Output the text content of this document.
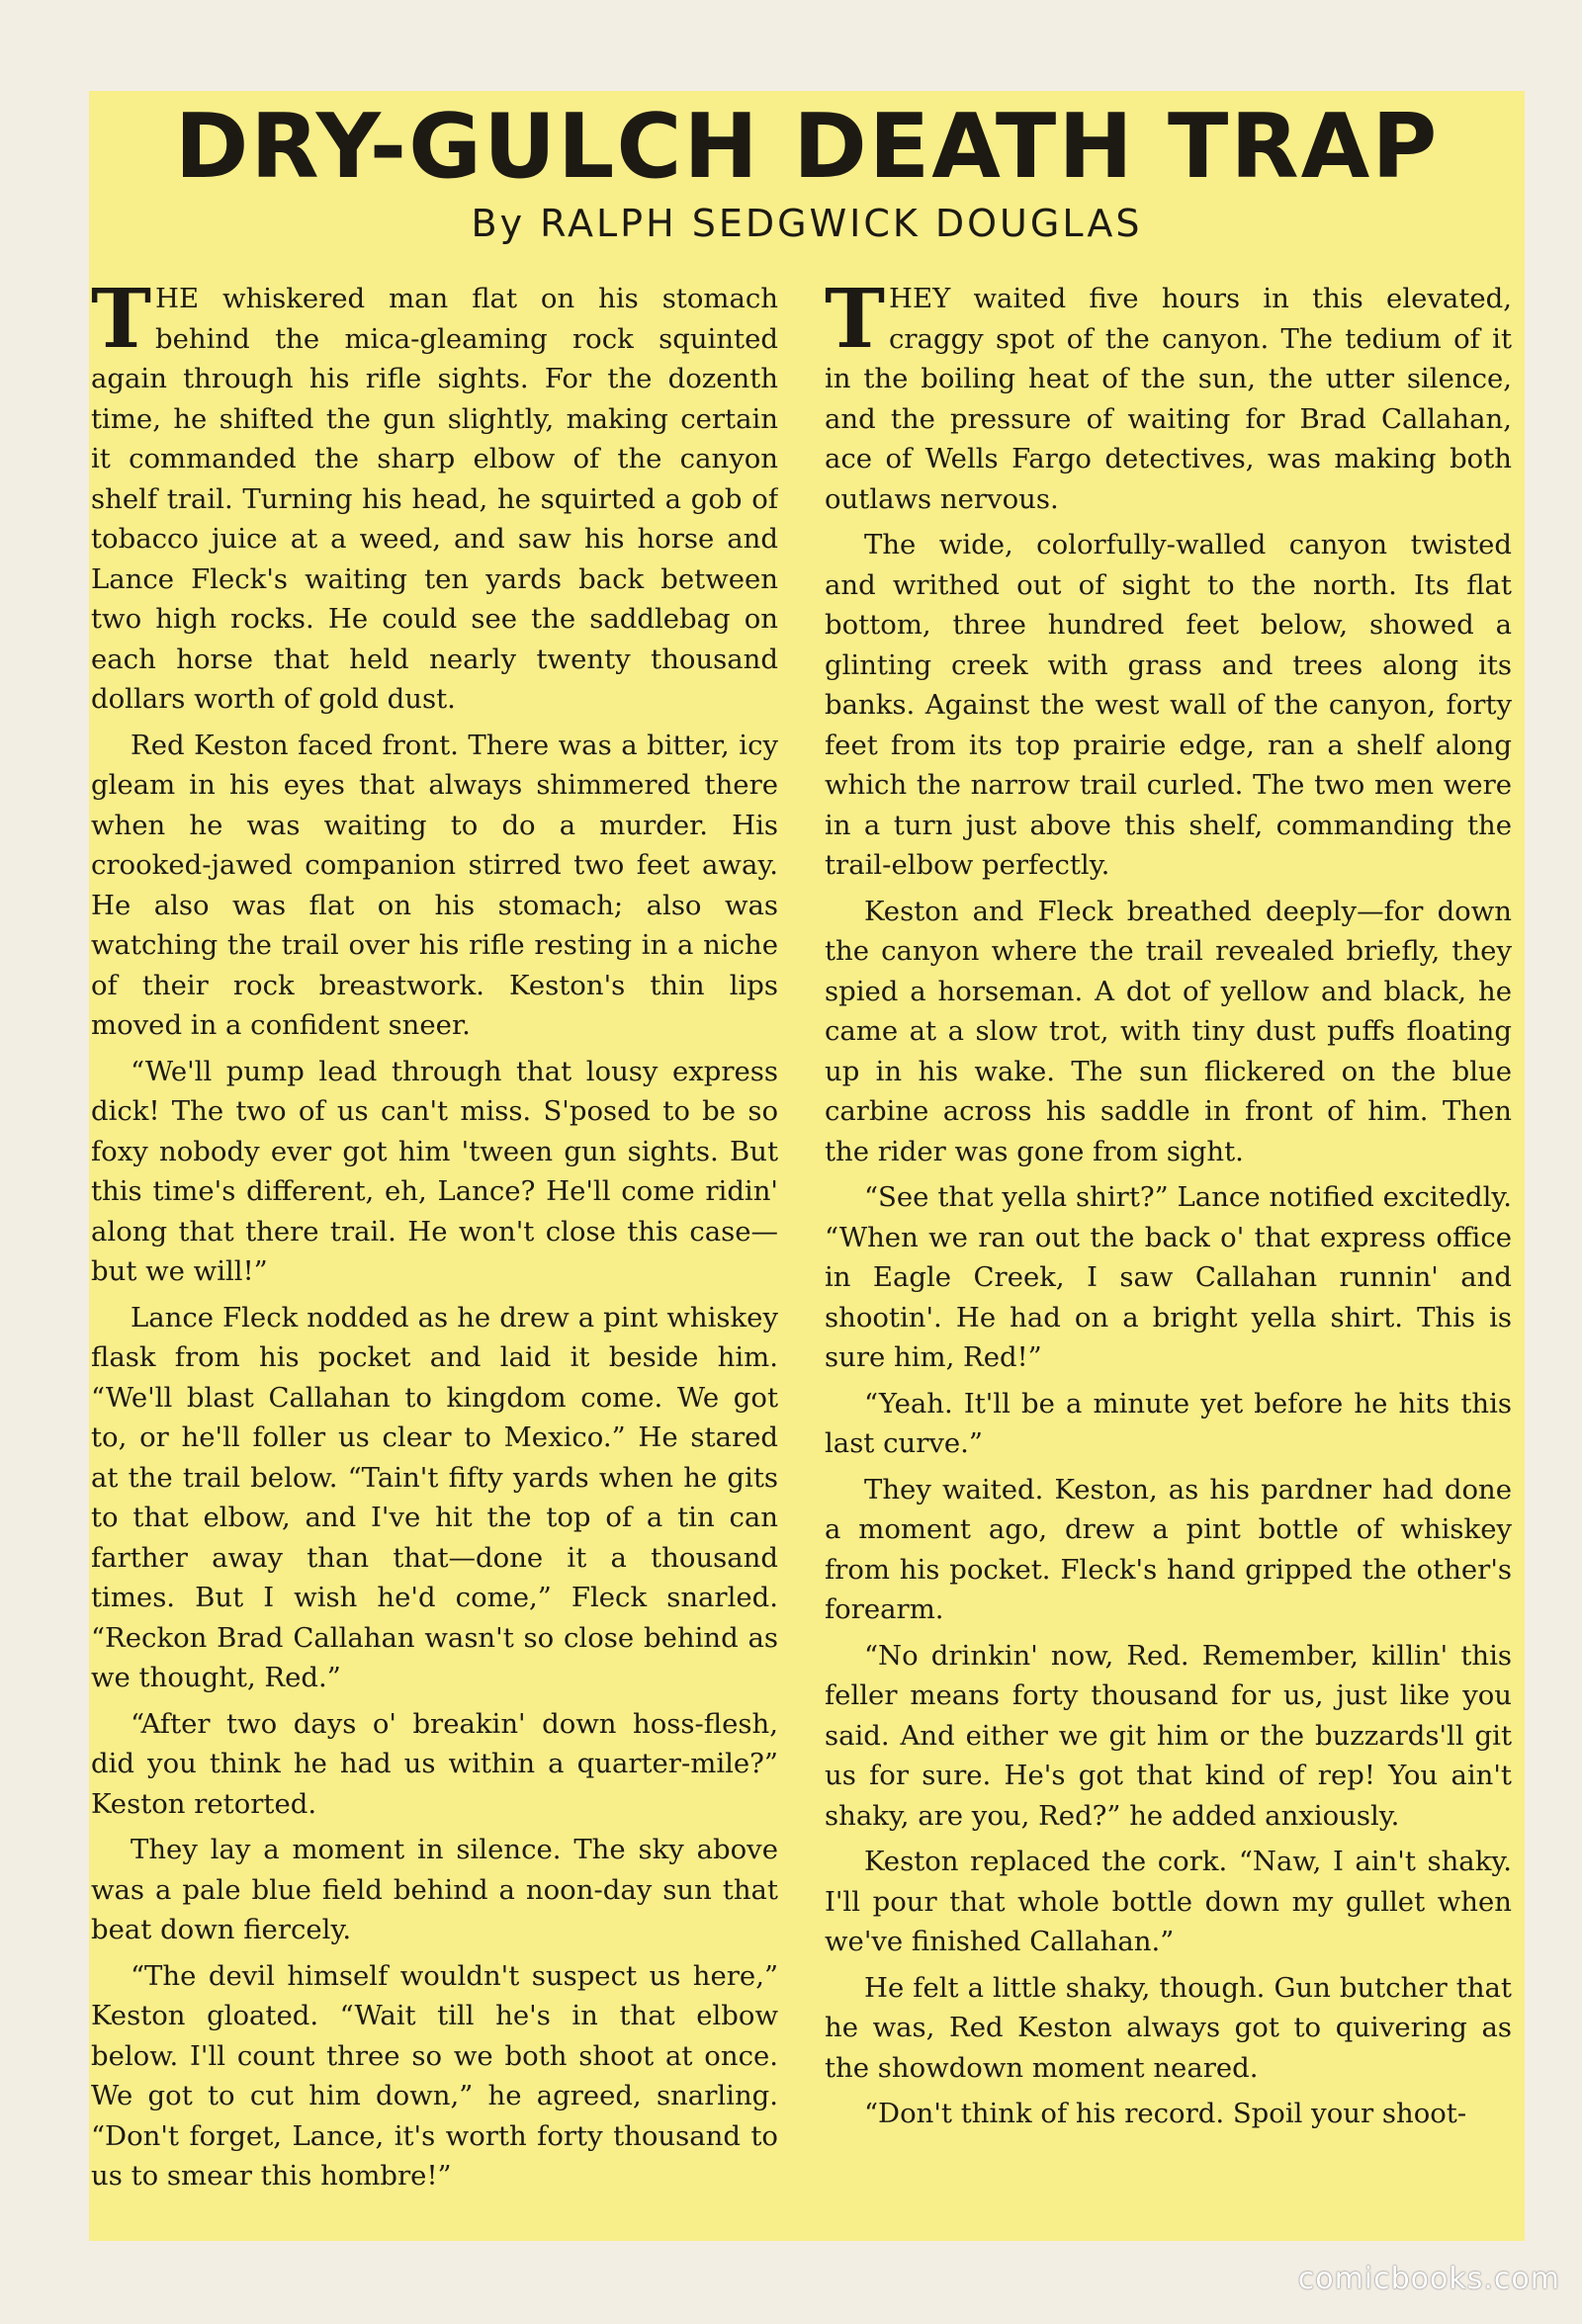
DRY-GULCH DEATH TRAP
By RALPH SEDGWICK DOUGLAS

THE whiskered man flat on his stomach behind the mica-gleaming rock squinted again through his rifle sights. For the dozenth time, he shifted the gun slightly, making certain it commanded the sharp elbow of the canyon shelf trail. Turning his head, he squirted a gob of tobacco juice at a weed, and saw his horse and Lance Fleck's waiting ten yards back between two high rocks. He could see the saddlebag on each horse that held nearly twenty thousand dollars worth of gold dust.

Red Keston faced front. There was a bitter, icy gleam in his eyes that always shimmered there when he was waiting to do a murder. His crooked-jawed companion stirred two feet away. He also was flat on his stomach; also was watching the trail over his rifle resting in a niche of their rock breastwork. Keston's thin lips moved in a confident sneer.

“We'll pump lead through that lousy express dick! The two of us can't miss. S'posed to be so foxy nobody ever got him 'tween gun sights. But this time's different, eh, Lance? He'll come ridin' along that there trail. He won't close this case—but we will!”

Lance Fleck nodded as he drew a pint whiskey flask from his pocket and laid it beside him. “We'll blast Callahan to kingdom come. We got to, or he'll foller us clear to Mexico.” He stared at the trail below. “Tain't fifty yards when he gits to that elbow, and I've hit the top of a tin can farther away than that—done it a thousand times. But I wish he'd come,” Fleck snarled. “Reckon Brad Callahan wasn't so close behind as we thought, Red.”

“After two days o' breakin' down hoss-flesh, did you think he had us within a quarter-mile?” Keston retorted.

They lay a moment in silence. The sky above was a pale blue field behind a noon-day sun that beat down fiercely.

“The devil himself wouldn't suspect us here,” Keston gloated. “Wait till he's in that elbow below. I'll count three so we both shoot at once. We got to cut him down,” he agreed, snarling. “Don't forget, Lance, it's worth forty thousand to us to smear this hombre!”

THEY waited five hours in this elevated, craggy spot of the canyon. The tedium of it in the boiling heat of the sun, the utter silence, and the pressure of waiting for Brad Callahan, ace of Wells Fargo detectives, was making both outlaws nervous.

The wide, colorfully-walled canyon twisted and writhed out of sight to the north. Its flat bottom, three hundred feet below, showed a glinting creek with grass and trees along its banks. Against the west wall of the canyon, forty feet from its top prairie edge, ran a shelf along which the narrow trail curled. The two men were in a turn just above this shelf, commanding the trail-elbow perfectly.

Keston and Fleck breathed deeply—for down the canyon where the trail revealed briefly, they spied a horseman. A dot of yellow and black, he came at a slow trot, with tiny dust puffs floating up in his wake. The sun flickered on the blue carbine across his saddle in front of him. Then the rider was gone from sight.

“See that yella shirt?” Lance notified excitedly. “When we ran out the back o' that express office in Eagle Creek, I saw Callahan runnin' and shootin'. He had on a bright yella shirt. This is sure him, Red!”

“Yeah. It'll be a minute yet before he hits this last curve.”

They waited. Keston, as his pardner had done a moment ago, drew a pint bottle of whiskey from his pocket. Fleck's hand gripped the other's forearm.

“No drinkin' now, Red. Remember, killin' this feller means forty thousand for us, just like you said. And either we git him or the buzzards'll git us for sure. He's got that kind of rep! You ain't shaky, are you, Red?” he added anxiously.

Keston replaced the cork. “Naw, I ain't shaky. I'll pour that whole bottle down my gullet when we've finished Callahan.”

He felt a little shaky, though. Gun butcher that he was, Red Keston always got to quivering as the showdown moment neared.

“Don't think of his record. Spoil your shoot-

comicbooks.com
